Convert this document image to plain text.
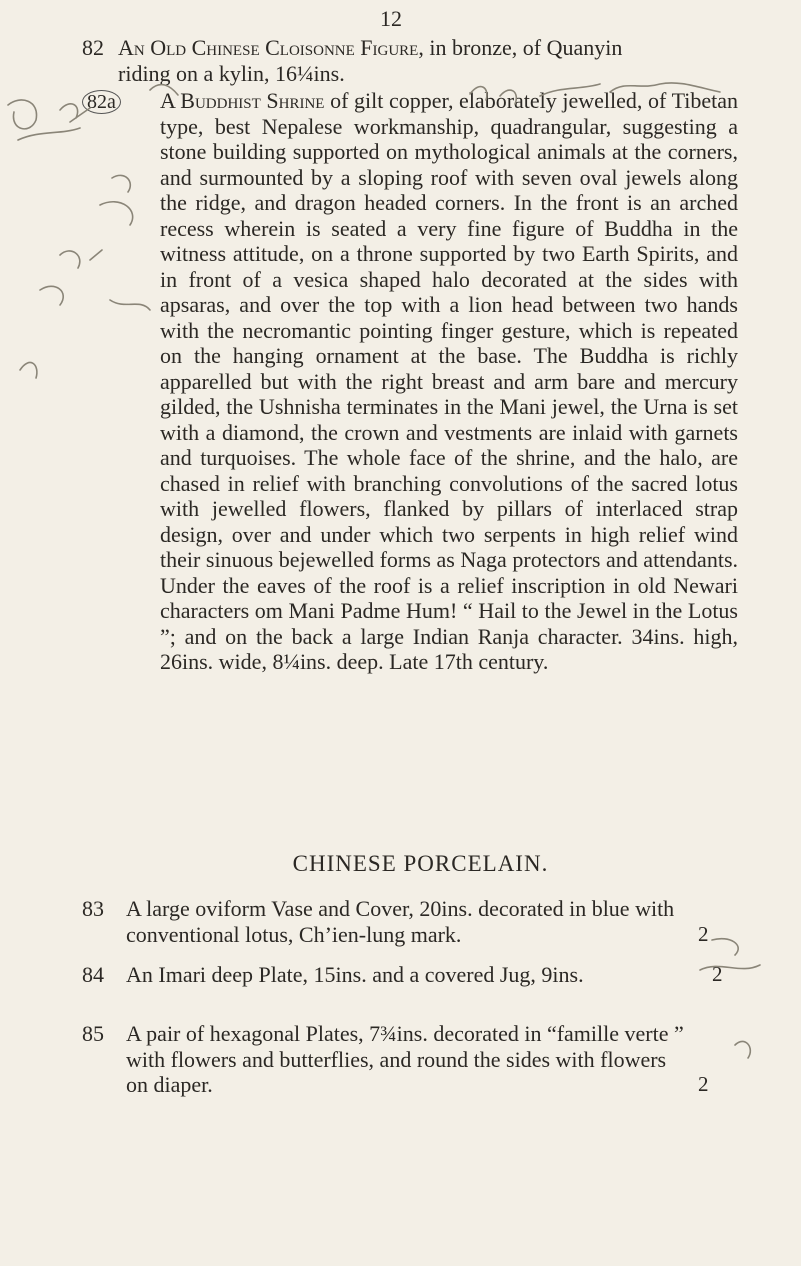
12
82 An Old Chinese Cloisonne Figure, in bronze, of Quanyin riding on a kylin, 16¼ins.
82a A Buddhist Shrine of gilt copper, elaborately jewelled, of Tibetan type, best Nepalese workmanship, quadrangular, suggesting a stone building supported on mythological animals at the corners, and surmounted by a sloping roof with seven oval jewels along the ridge, and dragon headed corners. In the front is an arched recess wherein is seated a very fine figure of Buddha in the witness attitude, on a throne supported by two Earth Spirits, and in front of a vesica shaped halo decorated at the sides with apsaras, and over the top with a lion head between two hands with the necromantic pointing finger gesture, which is repeated on the hanging ornament at the base. The Buddha is richly apparelled but with the right breast and arm bare and mercury gilded, the Ushnisha terminates in the Mani jewel, the Urna is set with a diamond, the crown and vestments are inlaid with garnets and turquoises. The whole face of the shrine, and the halo, are chased in relief with branching convolutions of the sacred lotus with jewelled flowers, flanked by pillars of interlaced strap design, over and under which two serpents in high relief wind their sinuous bejewelled forms as Naga protectors and attendants. Under the eaves of the roof is a relief inscription in old Newari characters om Mani Padme Hum! “ Hail to the Jewel in the Lotus ”; and on the back a large Indian Ranja character. 34ins. high, 26ins. wide, 8¼ins. deep. Late 17th century.
CHINESE PORCELAIN.
83 A large oviform Vase and Cover, 20ins. decorated in blue with conventional lotus, Ch’ien-lung mark.	2
84 An Imari deep Plate, 15ins. and a covered Jug, 9ins.	2
85 A pair of hexagonal Plates, 7¾ins. decorated in “famille verte ” with flowers and butterflies, and round the sides with flowers on diaper.	2
